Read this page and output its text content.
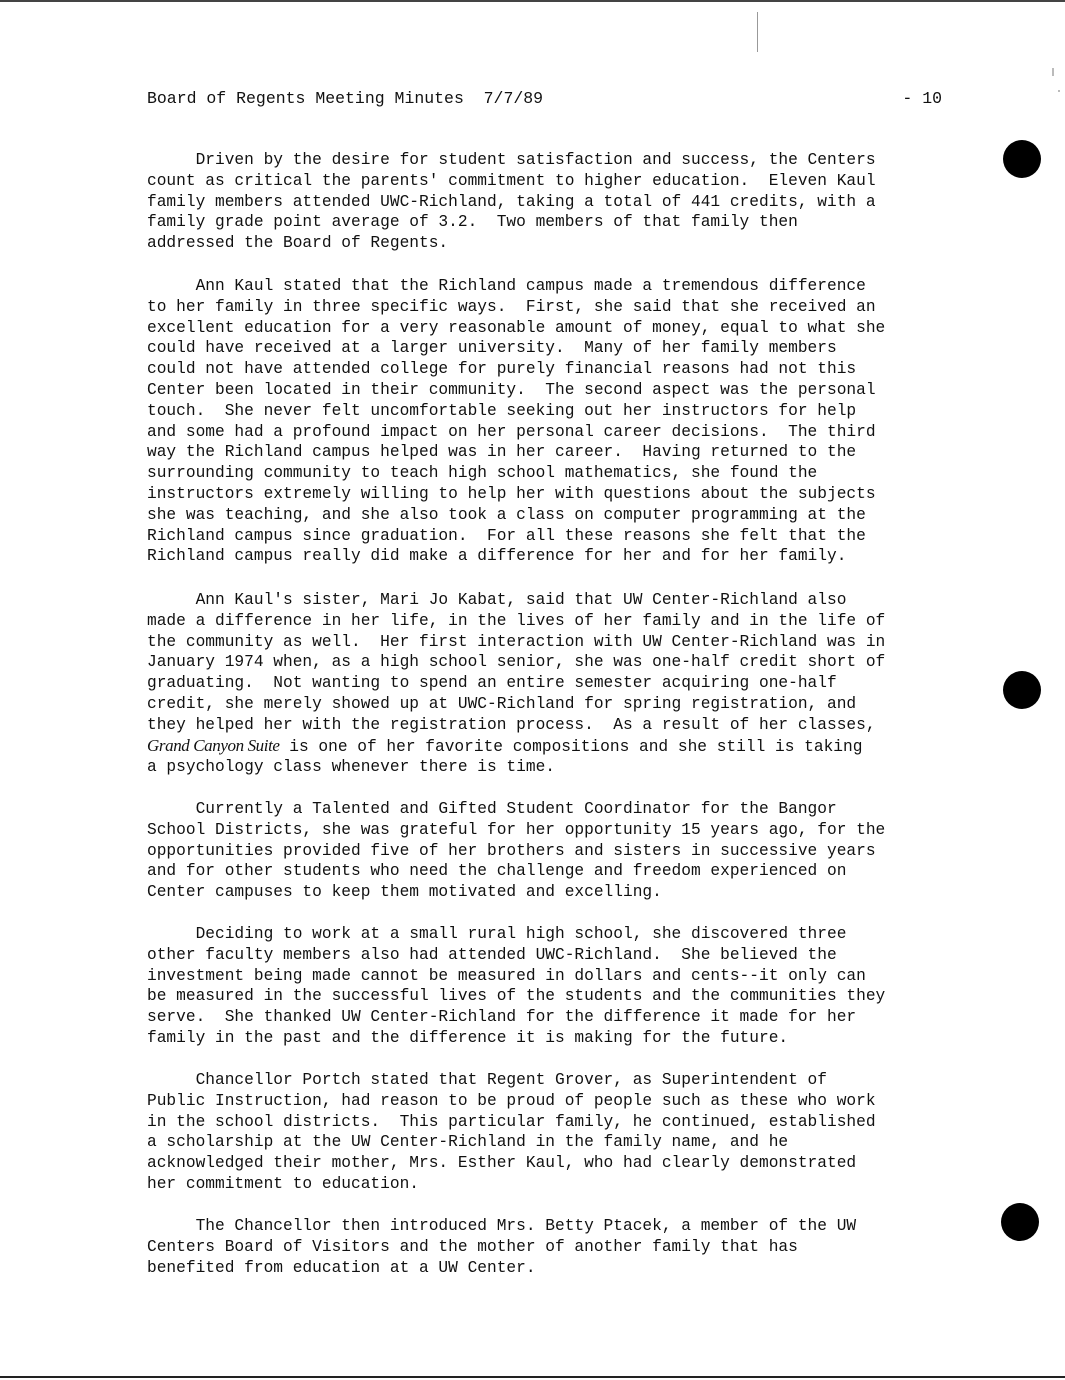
Board of Regents Meeting Minutes  7/7/89	- 10
Driven by the desire for student satisfaction and success, the Centers
count as critical the parents' commitment to higher education.  Eleven Kaul
family members attended UWC-Richland, taking a total of 441 credits, with a
family grade point average of 3.2.  Two members of that family then
addressed the Board of Regents.
Ann Kaul stated that the Richland campus made a tremendous difference
to her family in three specific ways.  First, she said that she received an
excellent education for a very reasonable amount of money, equal to what she
could have received at a larger university.  Many of her family members
could not have attended college for purely financial reasons had not this
Center been located in their community.  The second aspect was the personal
touch.  She never felt uncomfortable seeking out her instructors for help
and some had a profound impact on her personal career decisions.  The third
way the Richland campus helped was in her career.  Having returned to the
surrounding community to teach high school mathematics, she found the
instructors extremely willing to help her with questions about the subjects
she was teaching, and she also took a class on computer programming at the
Richland campus since graduation.  For all these reasons she felt that the
Richland campus really did make a difference for her and for her family.
Ann Kaul's sister, Mari Jo Kabat, said that UW Center-Richland also
made a difference in her life, in the lives of her family and in the life of
the community as well.  Her first interaction with UW Center-Richland was in
January 1974 when, as a high school senior, she was one-half credit short of
graduating.  Not wanting to spend an entire semester acquiring one-half
credit, she merely showed up at UWC-Richland for spring registration, and
they helped her with the registration process.  As a result of her classes,
Grand Canyon Suite is one of her favorite compositions and she still is taking
a psychology class whenever there is time.
Currently a Talented and Gifted Student Coordinator for the Bangor
School Districts, she was grateful for her opportunity 15 years ago, for the
opportunities provided five of her brothers and sisters in successive years
and for other students who need the challenge and freedom experienced on
Center campuses to keep them motivated and excelling.
Deciding to work at a small rural high school, she discovered three
other faculty members also had attended UWC-Richland.  She believed the
investment being made cannot be measured in dollars and cents--it only can
be measured in the successful lives of the students and the communities they
serve.  She thanked UW Center-Richland for the difference it made for her
family in the past and the difference it is making for the future.
Chancellor Portch stated that Regent Grover, as Superintendent of
Public Instruction, had reason to be proud of people such as these who work
in the school districts.  This particular family, he continued, established
a scholarship at the UW Center-Richland in the family name, and he
acknowledged their mother, Mrs. Esther Kaul, who had clearly demonstrated
her commitment to education.
The Chancellor then introduced Mrs. Betty Ptacek, a member of the UW
Centers Board of Visitors and the mother of another family that has
benefited from education at a UW Center.
